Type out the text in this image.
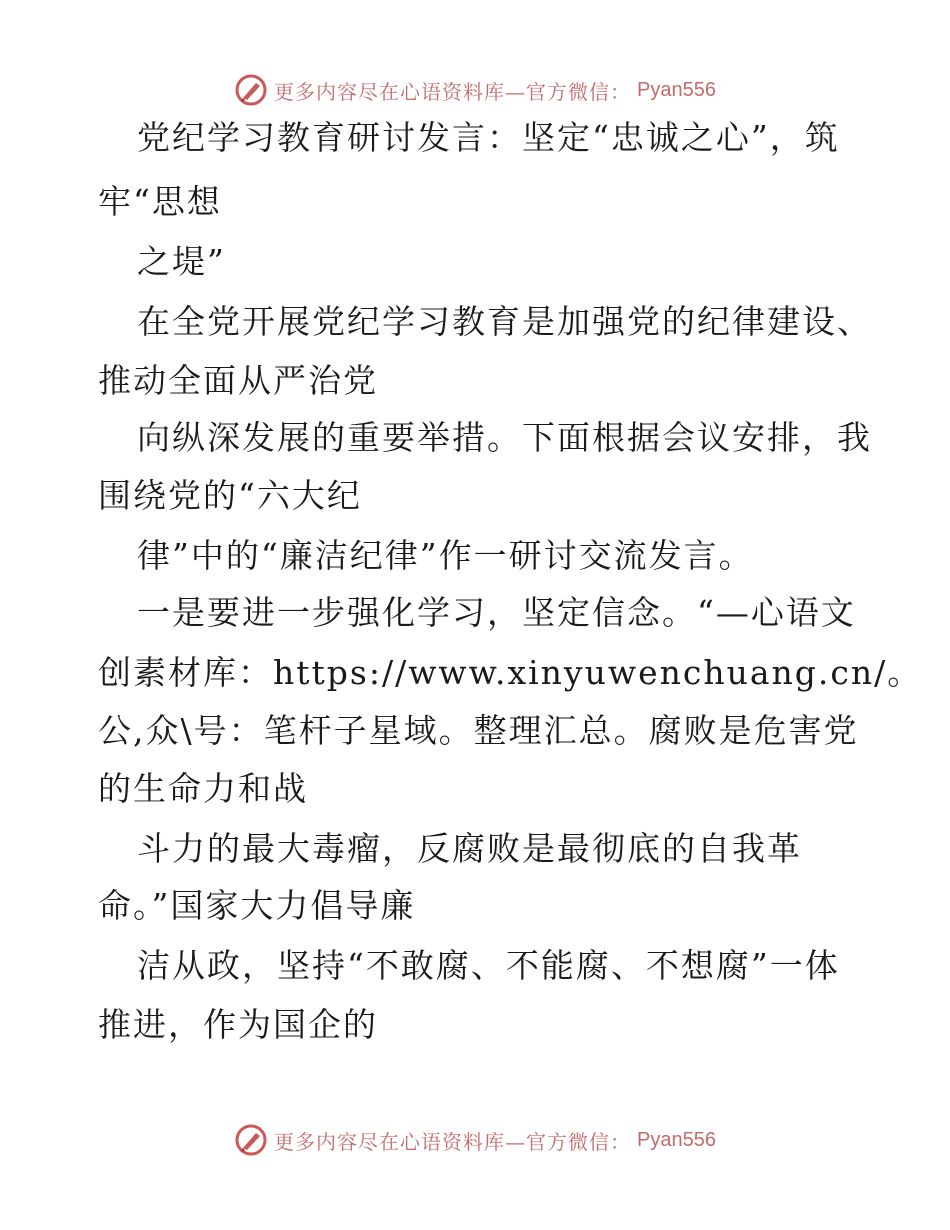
更多内容尽在心语资料库—官方微信： Pyan556
党纪学习教育研讨发言：坚定“忠诚之心”，筑
牢“思想
之堤”
在全党开展党纪学习教育是加强党的纪律建设、
推动全面从严治党
向纵深发展的重要举措。下面根据会议安排，我
围绕党的“六大纪
律”中的“廉洁纪律”作一研讨交流发言。
一是要进一步强化学习，坚定信念。“—心语文
创素材库：https://www.xinyuwenchuang.cn/。
公,众\号：笔杆子星域。整理汇总。腐败是危害党
的生命力和战
斗力的最大毒瘤，反腐败是最彻底的自我革
命。”国家大力倡导廉
洁从政，坚持“不敢腐、不能腐、不想腐”一体
推进，作为国企的
更多内容尽在心语资料库—官方微信： Pyan556
